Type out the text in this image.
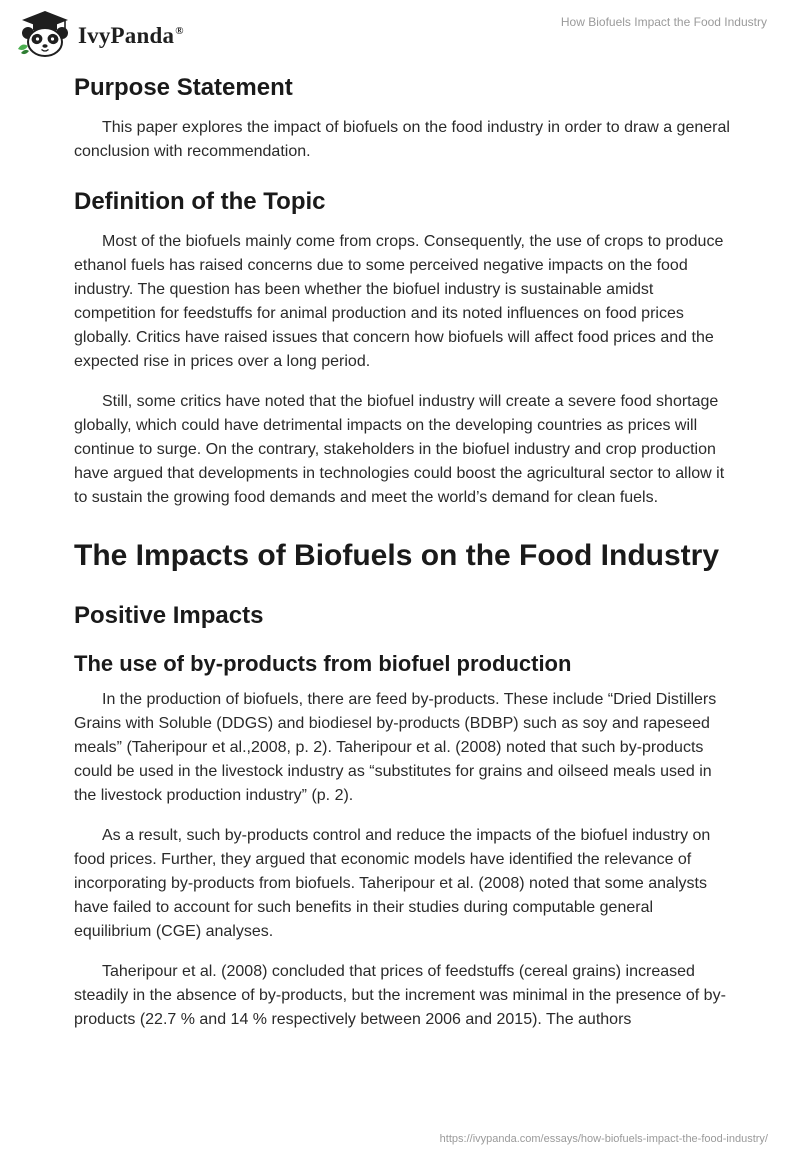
IvyPanda®
How Biofuels Impact the Food Industry
Purpose Statement

This paper explores the impact of biofuels on the food industry in order to draw a general conclusion with recommendation.

Definition of the Topic

Most of the biofuels mainly come from crops. Consequently, the use of crops to produce ethanol fuels has raised concerns due to some perceived negative impacts on the food industry. The question has been whether the biofuel industry is sustainable amidst competition for feedstuffs for animal production and its noted influences on food prices globally. Critics have raised issues that concern how biofuels will affect food prices and the expected rise in prices over a long period.

Still, some critics have noted that the biofuel industry will create a severe food shortage globally, which could have detrimental impacts on the developing countries as prices will continue to surge. On the contrary, stakeholders in the biofuel industry and crop production have argued that developments in technologies could boost the agricultural sector to allow it to sustain the growing food demands and meet the world’s demand for clean fuels.

The Impacts of Biofuels on the Food Industry
Positive Impacts
The use of by-products from biofuel production

In the production of biofuels, there are feed by-products. These include “Dried Distillers Grains with Soluble (DDGS) and biodiesel by-products (BDBP) such as soy and rapeseed meals” (Taheripour et al.,2008, p. 2). Taheripour et al. (2008) noted that such by-products could be used in the livestock industry as “substitutes for grains and oilseed meals used in the livestock production industry” (p. 2).

As a result, such by-products control and reduce the impacts of the biofuel industry on food prices. Further, they argued that economic models have identified the relevance of incorporating by-products from biofuels. Taheripour et al. (2008) noted that some analysts have failed to account for such benefits in their studies during computable general equilibrium (CGE) analyses.

Taheripour et al. (2008) concluded that prices of feedstuffs (cereal grains) increased steadily in the absence of by-products, but the increment was minimal in the presence of by-products (22.7 % and 14 % respectively between 2006 and 2015). The authors

https://ivypanda.com/essays/how-biofuels-impact-the-food-industry/
